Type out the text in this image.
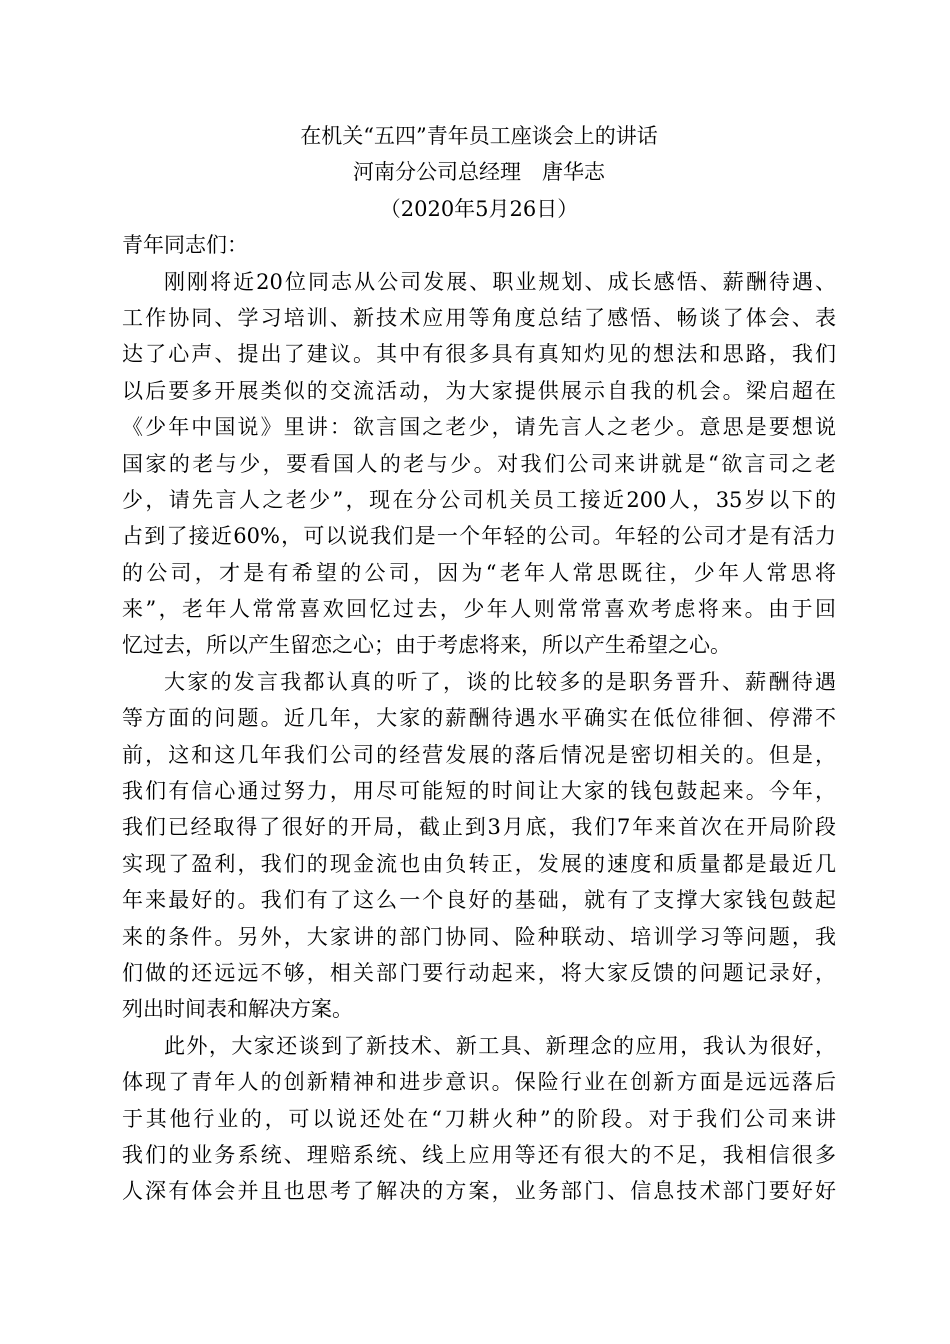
在机关“五四”青年员工座谈会上的讲话
河南分公司总经理　唐华志
（2020年5月26日）
青年同志们：
刚刚将近20位同志从公司发展、职业规划、成长感悟、薪酬待遇、
工作协同、学习培训、新技术应用等角度总结了感悟、畅谈了体会、表
达了心声、提出了建议。其中有很多具有真知灼见的想法和思路，我们
以后要多开展类似的交流活动，为大家提供展示自我的机会。梁启超在
《少年中国说》里讲：欲言国之老少，请先言人之老少。意思是要想说
国家的老与少，要看国人的老与少。对我们公司来讲就是“欲言司之老
少，请先言人之老少”，现在分公司机关员工接近200人，35岁以下的
占到了接近60%，可以说我们是一个年轻的公司。年轻的公司才是有活力
的公司，才是有希望的公司，因为“老年人常思既往，少年人常思将
来”，老年人常常喜欢回忆过去，少年人则常常喜欢考虑将来。由于回
忆过去，所以产生留恋之心；由于考虑将来，所以产生希望之心。
大家的发言我都认真的听了，谈的比较多的是职务晋升、薪酬待遇
等方面的问题。近几年，大家的薪酬待遇水平确实在低位徘徊、停滞不
前，这和这几年我们公司的经营发展的落后情况是密切相关的。但是，
我们有信心通过努力，用尽可能短的时间让大家的钱包鼓起来。今年，
我们已经取得了很好的开局，截止到3月底，我们7年来首次在开局阶段
实现了盈利，我们的现金流也由负转正，发展的速度和质量都是最近几
年来最好的。我们有了这么一个良好的基础，就有了支撑大家钱包鼓起
来的条件。另外，大家讲的部门协同、险种联动、培训学习等问题，我
们做的还远远不够，相关部门要行动起来，将大家反馈的问题记录好，
列出时间表和解决方案。
此外，大家还谈到了新技术、新工具、新理念的应用，我认为很好，
体现了青年人的创新精神和进步意识。保险行业在创新方面是远远落后
于其他行业的，可以说还处在“刀耕火种”的阶段。对于我们公司来讲
我们的业务系统、理赔系统、线上应用等还有很大的不足，我相信很多
人深有体会并且也思考了解决的方案，业务部门、信息技术部门要好好
